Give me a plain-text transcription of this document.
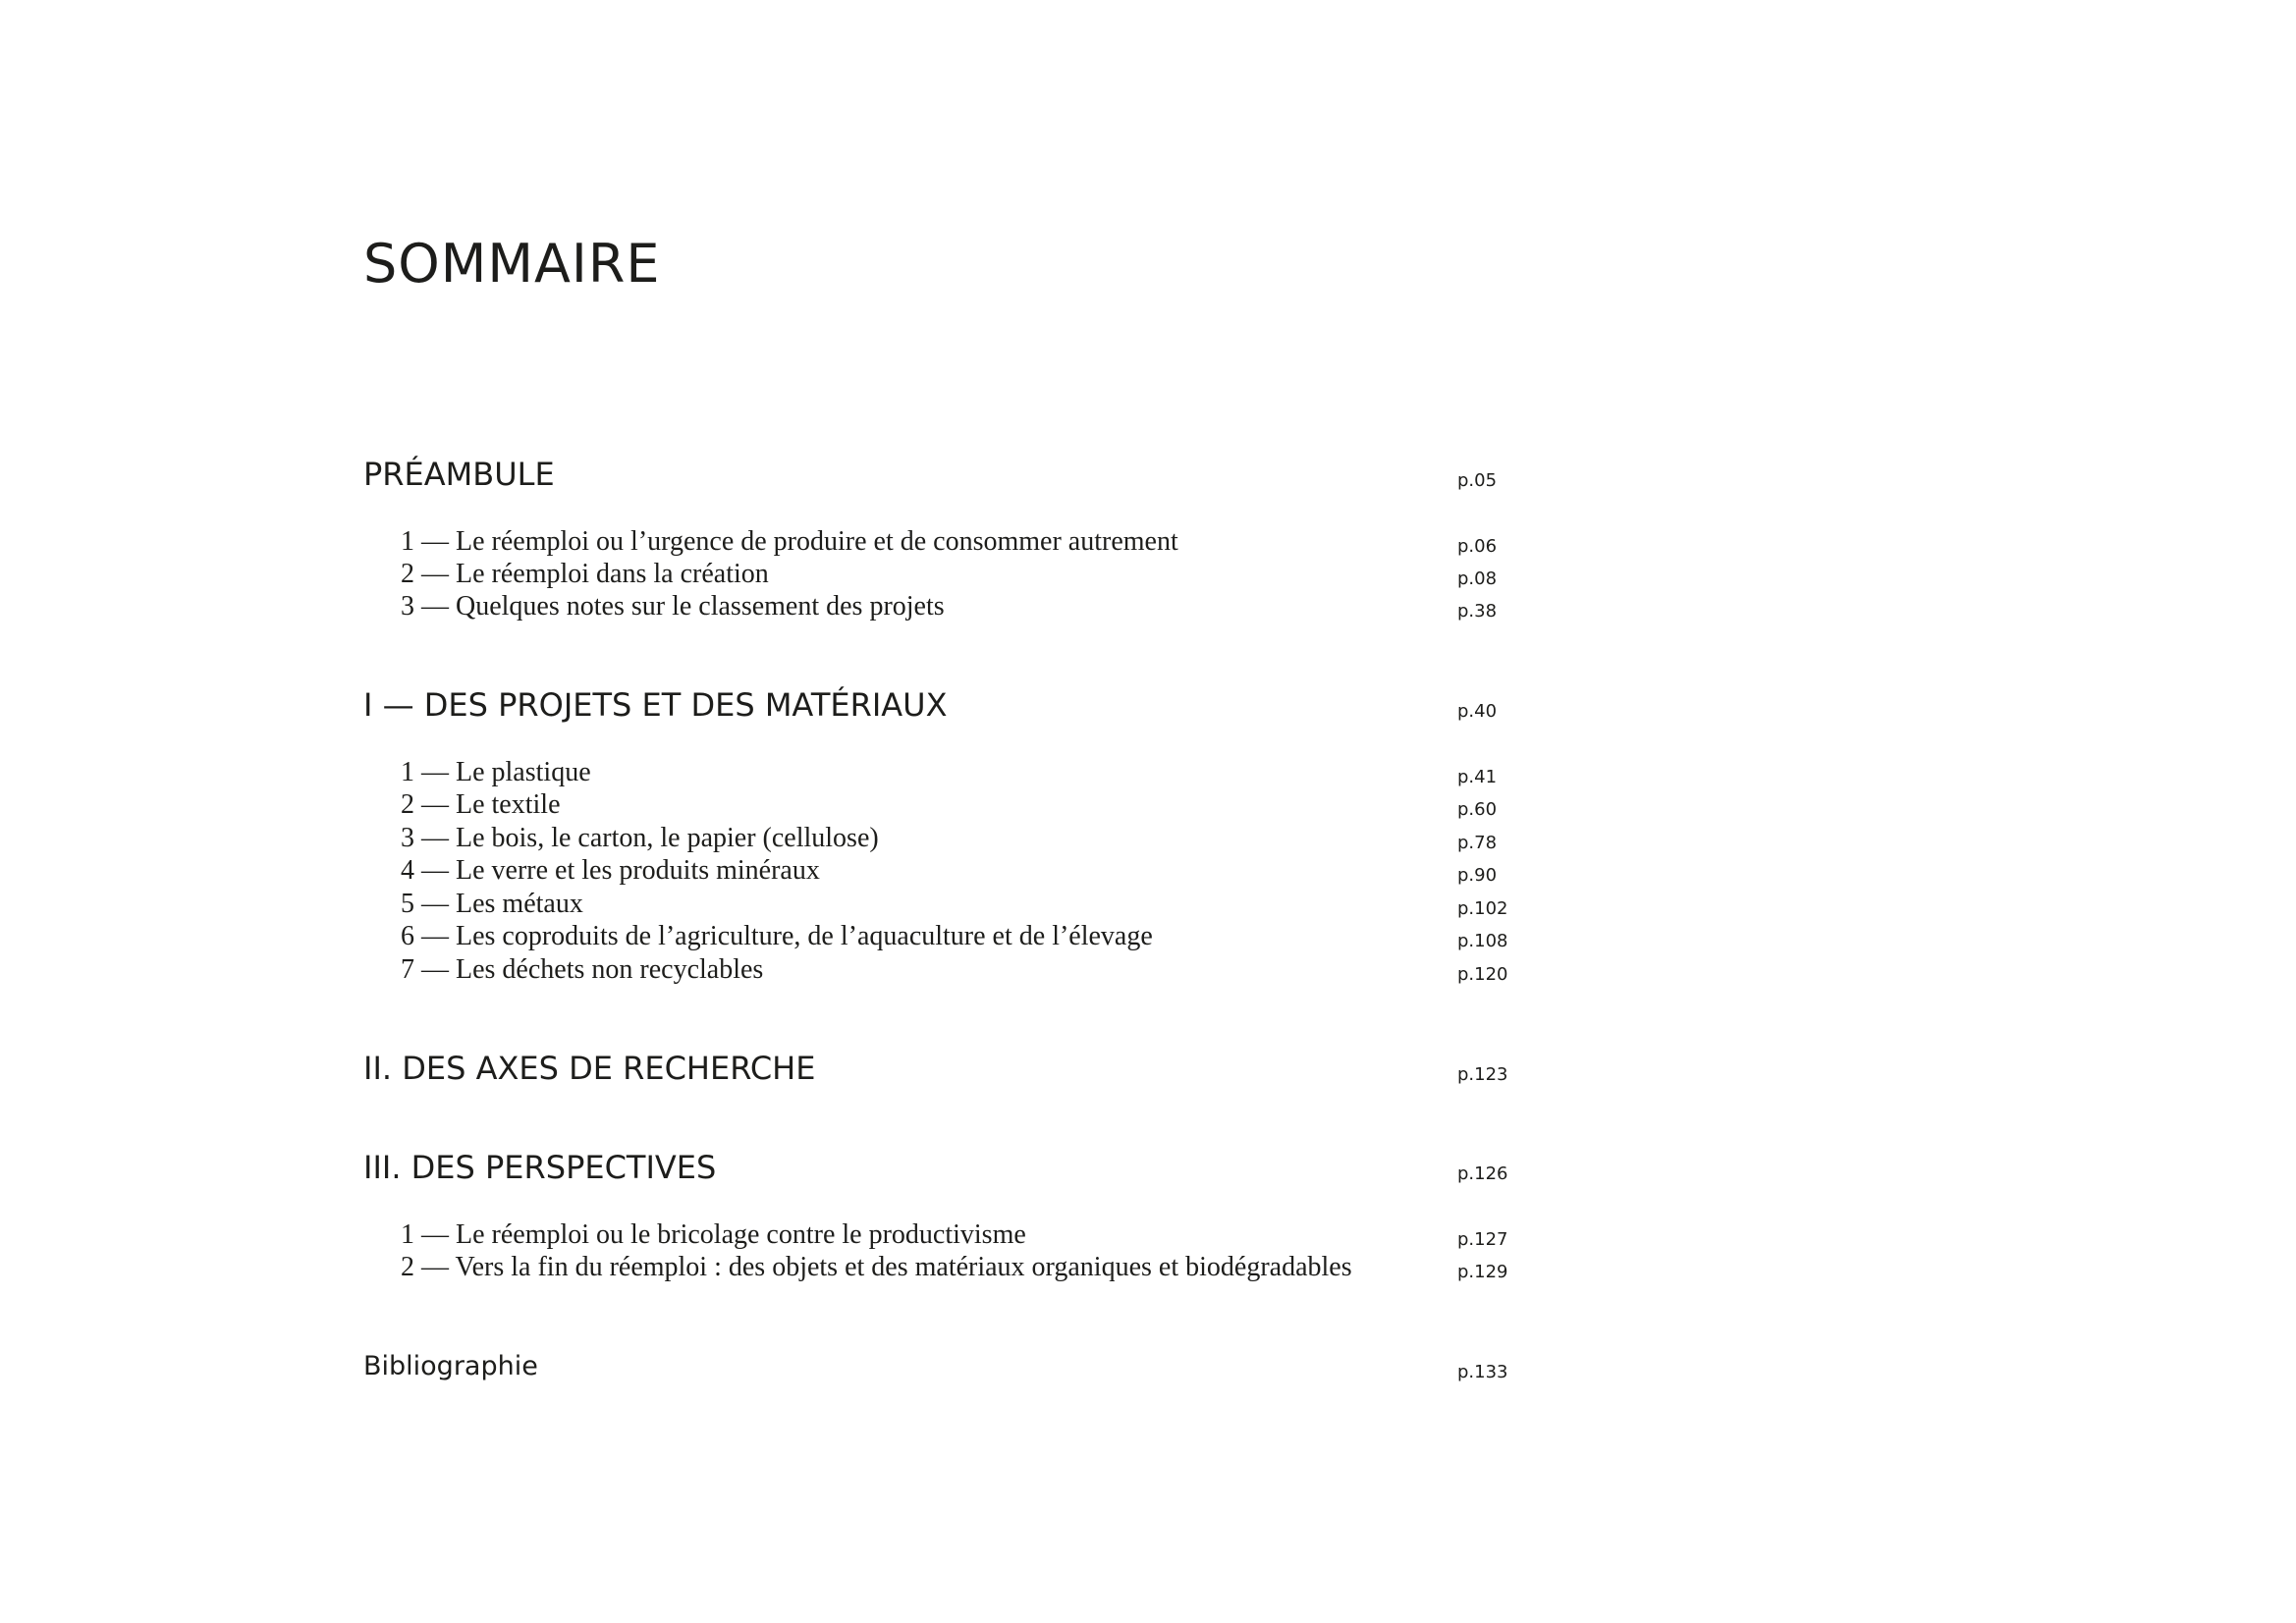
SOMMAIRE
PRÉAMBULE	p.05
1 — Le réemploi ou l’urgence de produire et de consommer autrement	p.06
2 — Le réemploi dans la création	p.08
3 — Quelques notes sur le classement des projets	p.38
I — DES PROJETS ET DES MATÉRIAUX	p.40
1 — Le plastique	p.41
2 — Le textile	p.60
3 — Le bois, le carton, le papier (cellulose)	p.78
4 — Le verre et les produits minéraux	p.90
5 — Les métaux	p.102
6 — Les coproduits de l’agriculture, de l’aquaculture et de l’élevage	p.108
7 — Les déchets non recyclables	p.120
II. DES AXES DE RECHERCHE	p.123
III. DES PERSPECTIVES	p.126
1 — Le réemploi ou le bricolage contre le productivisme	p.127
2 — Vers la fin du réemploi : des objets et des matériaux organiques et biodégradables	p.129
Bibliographie	p.133
